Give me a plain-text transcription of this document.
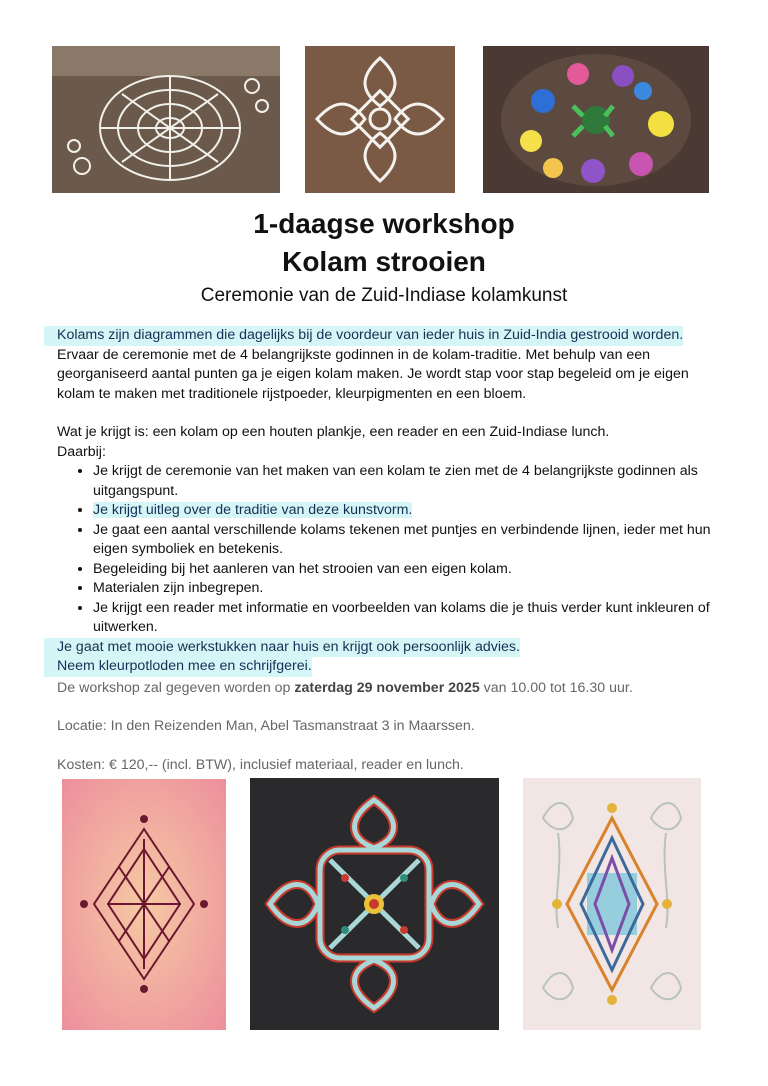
1-daagse workshop
Kolam strooien
Ceremonie van de Zuid-Indiase kolamkunst

Kolams zijn diagrammen die dagelijks bij de voordeur van ieder huis in Zuid-India gestrooid worden.

Ervaar de ceremonie met de 4 belangrijkste godinnen in de kolam-traditie. Met behulp van een georganiseerd aantal punten ga je eigen kolam maken. Je wordt stap voor stap begeleid om je eigen kolam te maken met traditionele rijstpoeder, kleurpigmenten en een bloem.

Wat je krijgt is: een kolam op een houten plankje, een reader en een Zuid-Indiase lunch.

Daarbij:

• Je krijgt de ceremonie van het maken van een kolam te zien met de 4 belangrijkste godinnen als uitgangspunt.
• Je krijgt uitleg over de traditie van deze kunstvorm.
• Je gaat een aantal verschillende kolams tekenen met puntjes en verbindende lijnen, ieder met hun eigen symboliek en betekenis.
• Begeleiding bij het aanleren van het strooien van een eigen kolam.
• Materialen zijn inbegrepen.
• Je krijgt een reader met informatie en voorbeelden van kolams die je thuis verder kunt inkleuren of uitwerken.

Je gaat met mooie werkstukken naar huis en krijgt ook persoonlijk advies.

Neem kleurpotloden mee en schrijfgerei.

De workshop zal gegeven worden op zaterdag 29 november 2025 van 10.00 tot 16.30 uur.

Locatie: In den Reizenden Man, Abel Tasmanstraat 3 in Maarssen.

Kosten: € 120,-- (incl. BTW), inclusief materiaal, reader en lunch.
